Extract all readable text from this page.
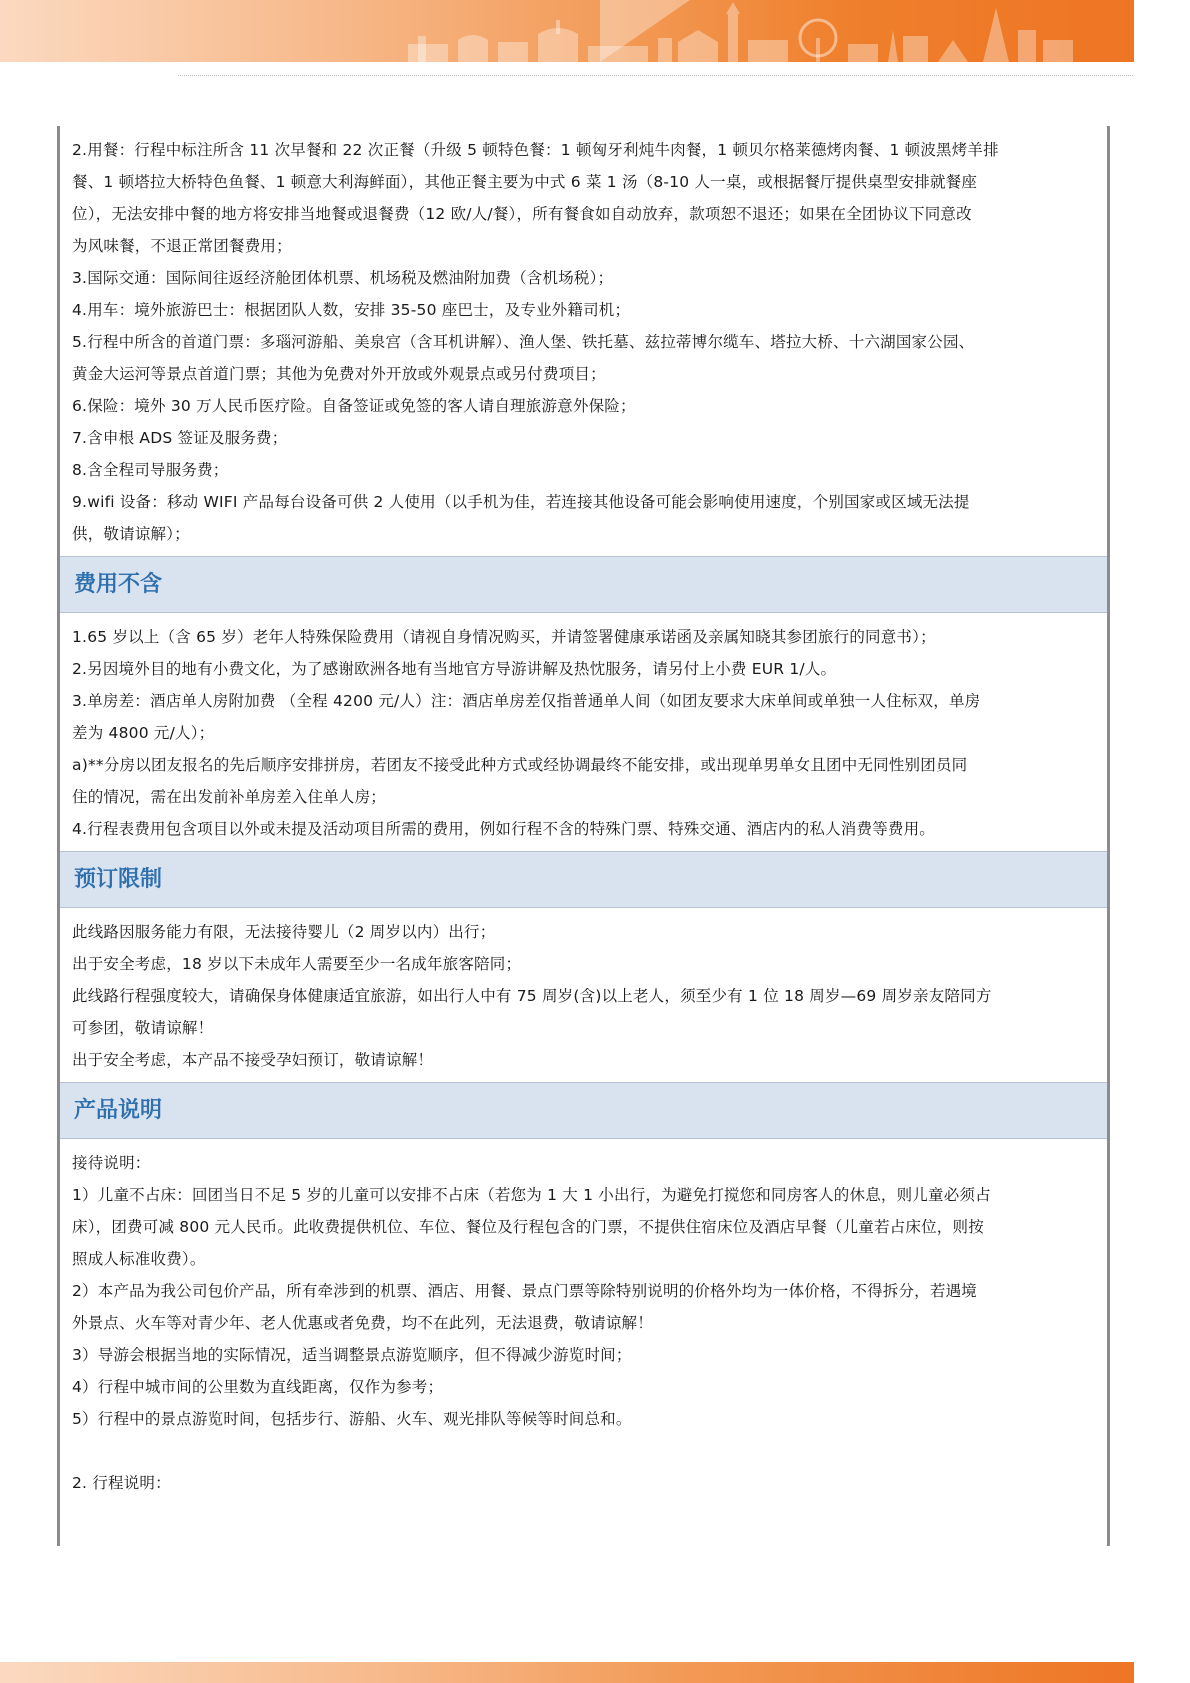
2.用餐：行程中标注所含 11 次早餐和 22 次正餐（升级 5 顿特色餐：1 顿匈牙利炖牛肉餐，1 顿贝尔格莱德烤肉餐、1 顿波黑烤羊排
餐、1 顿塔拉大桥特色鱼餐、1 顿意大利海鲜面），其他正餐主要为中式 6 菜 1 汤（8-10 人一桌，或根据餐厅提供桌型安排就餐座
位），无法安排中餐的地方将安排当地餐或退餐费（12 欧/人/餐），所有餐食如自动放弃，款项恕不退还；如果在全团协议下同意改
为风味餐，不退正常团餐费用；
3.国际交通：国际间往返经济舱团体机票、机场税及燃油附加费（含机场税）；
4.用车：境外旅游巴士：根据团队人数，安排 35-50 座巴士，及专业外籍司机；
5.行程中所含的首道门票：多瑙河游船、美泉宫（含耳机讲解）、渔人堡、铁托墓、兹拉蒂博尔缆车、塔拉大桥、十六湖国家公园、
黄金大运河等景点首道门票；其他为免费对外开放或外观景点或另付费项目；
6.保险：境外 30 万人民币医疗险。自备签证或免签的客人请自理旅游意外保险；
7.含申根 ADS 签证及服务费；
8.含全程司导服务费；
9.wifi 设备：移动 WIFI 产品每台设备可供 2 人使用（以手机为佳，若连接其他设备可能会影响使用速度，个别国家或区域无法提
供，敬请谅解）；
费用不含
1.65 岁以上（含 65 岁）老年人特殊保险费用（请视自身情况购买，并请签署健康承诺函及亲属知晓其参团旅行的同意书）；
2.另因境外目的地有小费文化，为了感谢欧洲各地有当地官方导游讲解及热忱服务，请另付上小费 EUR 1/人。
3.单房差：酒店单人房附加费 （全程 4200 元/人）注：酒店单房差仅指普通单人间（如团友要求大床单间或单独一人住标双，单房
差为 4800 元/人）；
a)**分房以团友报名的先后顺序安排拼房，若团友不接受此种方式或经协调最终不能安排，或出现单男单女且团中无同性别团员同
住的情况，需在出发前补单房差入住单人房；
4.行程表费用包含项目以外或未提及活动项目所需的费用，例如行程不含的特殊门票、特殊交通、酒店内的私人消费等费用。
预订限制
此线路因服务能力有限，无法接待婴儿（2 周岁以内）出行；
出于安全考虑，18 岁以下未成年人需要至少一名成年旅客陪同；
此线路行程强度较大，请确保身体健康适宜旅游，如出行人中有 75 周岁(含)以上老人，须至少有 1 位 18 周岁—69 周岁亲友陪同方
可参团，敬请谅解！
出于安全考虑，本产品不接受孕妇预订，敬请谅解！
产品说明
接待说明：
1）儿童不占床：回团当日不足 5 岁的儿童可以安排不占床（若您为 1 大 1 小出行，为避免打搅您和同房客人的休息，则儿童必须占
床），团费可减 800 元人民币。此收费提供机位、车位、餐位及行程包含的门票，不提供住宿床位及酒店早餐（儿童若占床位，则按
照成人标准收费）。
2）本产品为我公司包价产品，所有牵涉到的机票、酒店、用餐、景点门票等除特别说明的价格外均为一体价格，不得拆分，若遇境
外景点、火车等对青少年、老人优惠或者免费，均不在此列，无法退费，敬请谅解！
3）导游会根据当地的实际情况，适当调整景点游览顺序，但不得减少游览时间；
4）行程中城市间的公里数为直线距离，仅作为参考；
5）行程中的景点游览时间，包括步行、游船、火车、观光排队等候等时间总和。
2. 行程说明：
